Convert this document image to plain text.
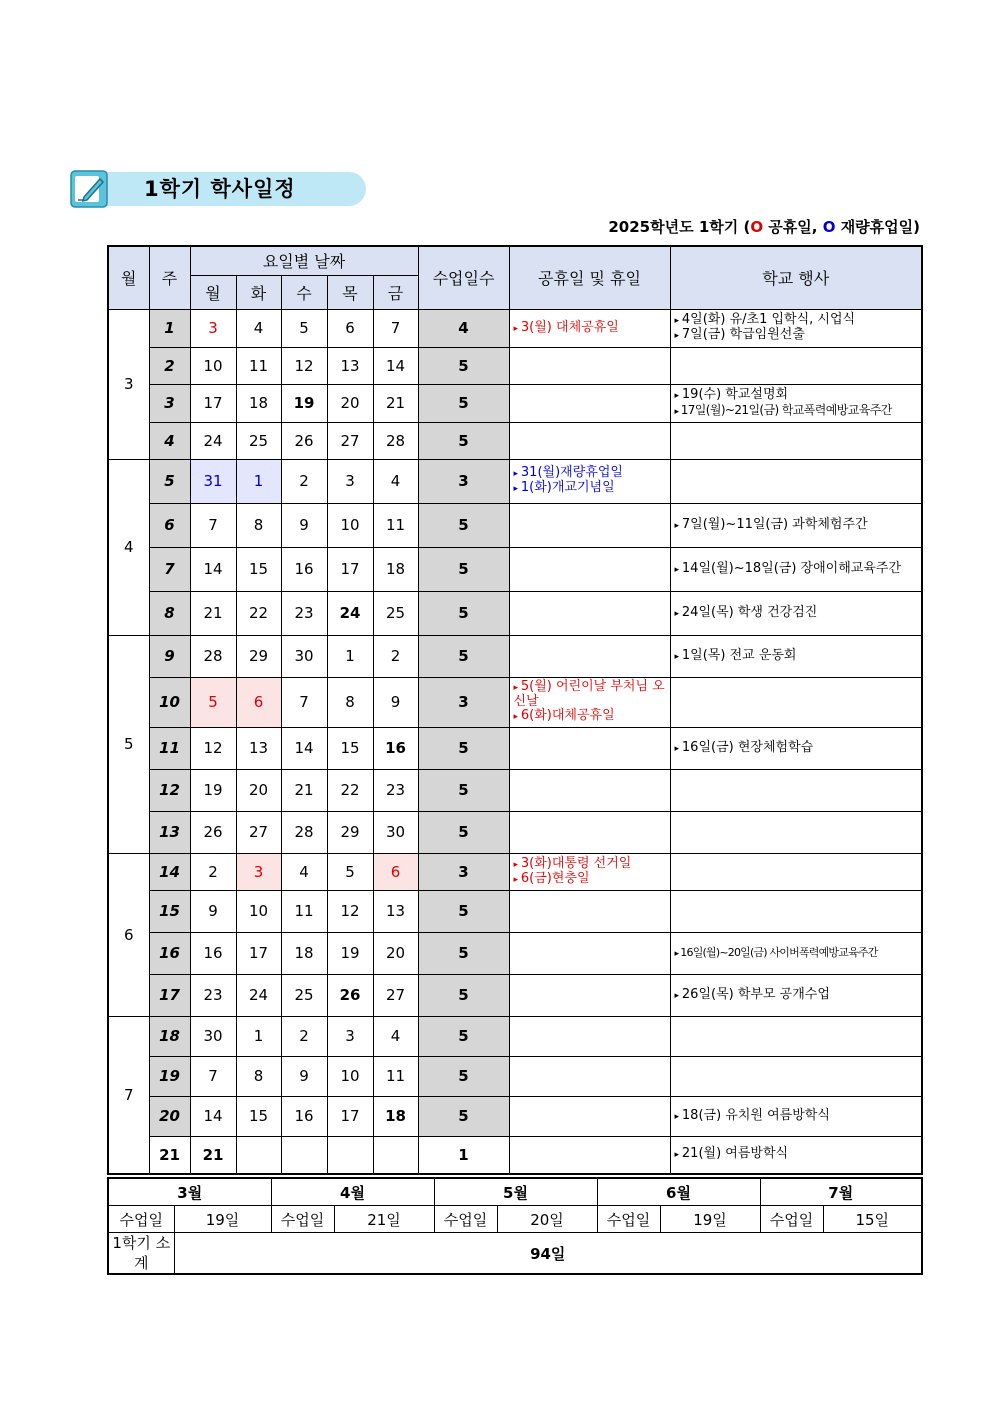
1학기 학사일정
2025학년도 1학기 (O 공휴일, O 재량휴업일)
월	주	요일별 날짜					수업일수	공휴일 및 휴일	학교 행사
		월	화	수	목	금			
3	1	3	4	5	6	7	4	▸ 3(월) 대체공휴일	▸ 4일(화) 유/초1 입학식, 시업식
▸ 7일(금) 학급임원선출

	2	10	11	12	13	14	5		
	3	17	18	19	20	21	5		▸ 19(수) 학교설명회
▸ 17일(월)~21일(금) 학교폭력예방교육주간

	4	24	25	26	27	28	5		
4	5	31	1	2	3	4	3	▸ 31(월)재량휴업일
▸ 1(화)개교기념일

	6	7	8	9	10	11	5		▸ 7일(월)~11일(금) 과학체험주간

	7	14	15	16	17	18	5		▸ 14일(월)~18일(금) 장애이해교육주간

	8	21	22	23	24	25	5		▸ 24일(목) 학생 건강검진

5	9	28	29	30	1	2	5		▸ 1일(목) 전교 운동회

	10	5	6	7	8	9	3	▸ 5(월) 어린이날 부처님 오신날
▸ 6(화)대체공휴일

	11	12	13	14	15	16	5		▸ 16일(금) 현장체험학습

	12	19	20	21	22	23	5		
	13	26	27	28	29	30	5		
6	14	2	3	4	5	6	3	▸ 3(화)대통령 선거일
▸ 6(금)현충일

	15	9	10	11	12	13	5		
	16	16	17	18	19	20	5		▸ 16일(월)~20일(금) 사이버폭력예방교육주간

	17	23	24	25	26	27	5		▸ 26일(목) 학부모 공개수업

7	18	30	1	2	3	4	5		
	19	7	8	9	10	11	5		
	20	14	15	16	17	18	5		▸ 18(금) 유치원 여름방학식

	21	21					1		▸ 21(월) 여름방학식
3월		4월		5월		6월		7월	
수업일	19일	수업일	21일	수업일	20일	수업일	19일	수업일	15일
1학기 소계	94일								
